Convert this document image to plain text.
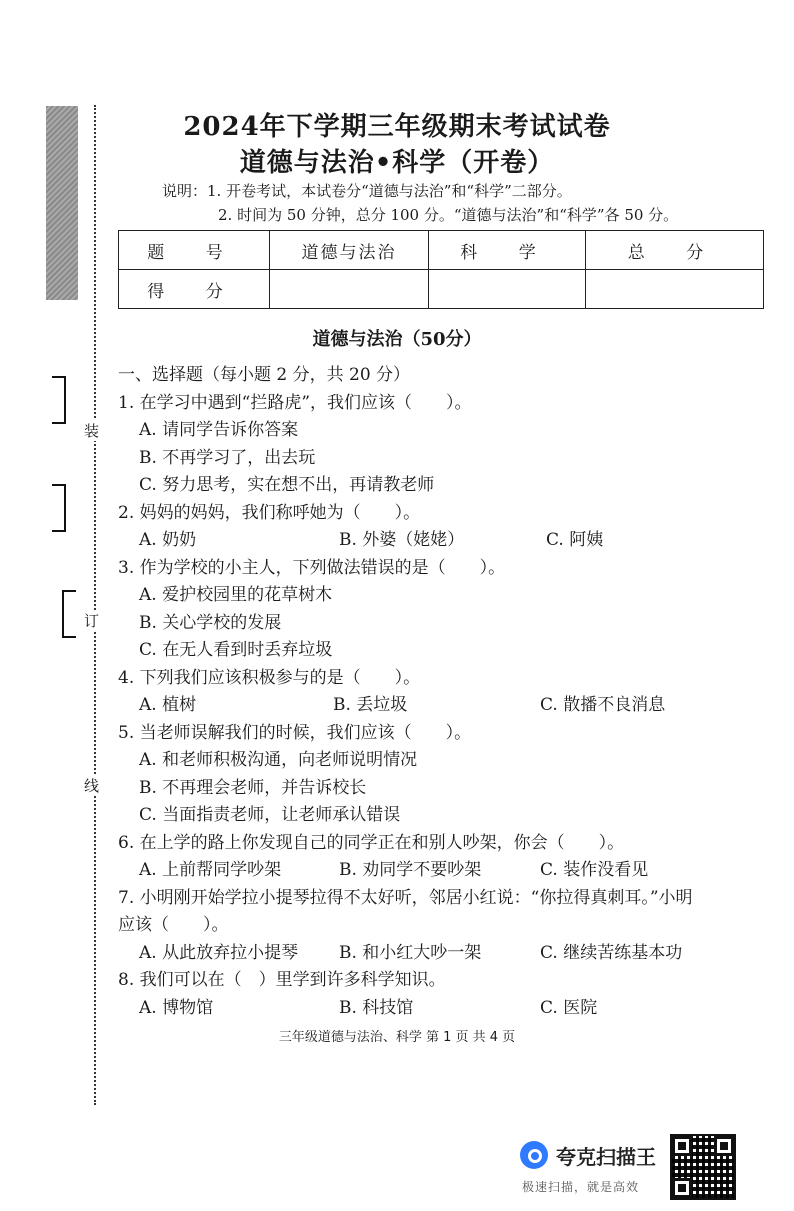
装
订
线
2024年下学期三年级期末考试试卷
道德与法治•科学（开卷）
说明：1. 开卷考试，本试卷分“道德与法治”和“科学”二部分。
2. 时间为 50 分钟，总分 100 分。“道德与法治”和“科学”各 50 分。
题 号	道德与法治	科 学	总 分
得 分			
道德与法治（50分）
一、选择题（每小题 2 分，共 20 分）
1. 在学习中遇到“拦路虎”，我们应该（　　）。
A. 请同学告诉你答案
B. 不再学习了，出去玩
C. 努力思考，实在想不出，再请教老师
2. 妈妈的妈妈，我们称呼她为（　　）。
A. 奶奶	B. 外婆（姥姥）	C. 阿姨
3. 作为学校的小主人，下列做法错误的是（　　）。
A. 爱护校园里的花草树木
B. 关心学校的发展
C. 在无人看到时丢弃垃圾
4. 下列我们应该积极参与的是（　　）。
A. 植树	B. 丢垃圾	C. 散播不良消息
5. 当老师误解我们的时候，我们应该（　　）。
A. 和老师积极沟通，向老师说明情况
B. 不再理会老师，并告诉校长
C. 当面指责老师，让老师承认错误
6. 在上学的路上你发现自己的同学正在和别人吵架，你会（　　）。
A. 上前帮同学吵架	B. 劝同学不要吵架	C. 装作没看见
7. 小明刚开始学拉小提琴拉得不太好听，邻居小红说：“你拉得真刺耳。”小明
应该（　　）。
A. 从此放弃拉小提琴	B. 和小红大吵一架	C. 继续苦练基本功
8. 我们可以在（　）里学到许多科学知识。
A. 博物馆	B. 科技馆	C. 医院
三年级道德与法治、科学 第 1 页 共 4 页
夸克扫描王
极速扫描，就是高效
